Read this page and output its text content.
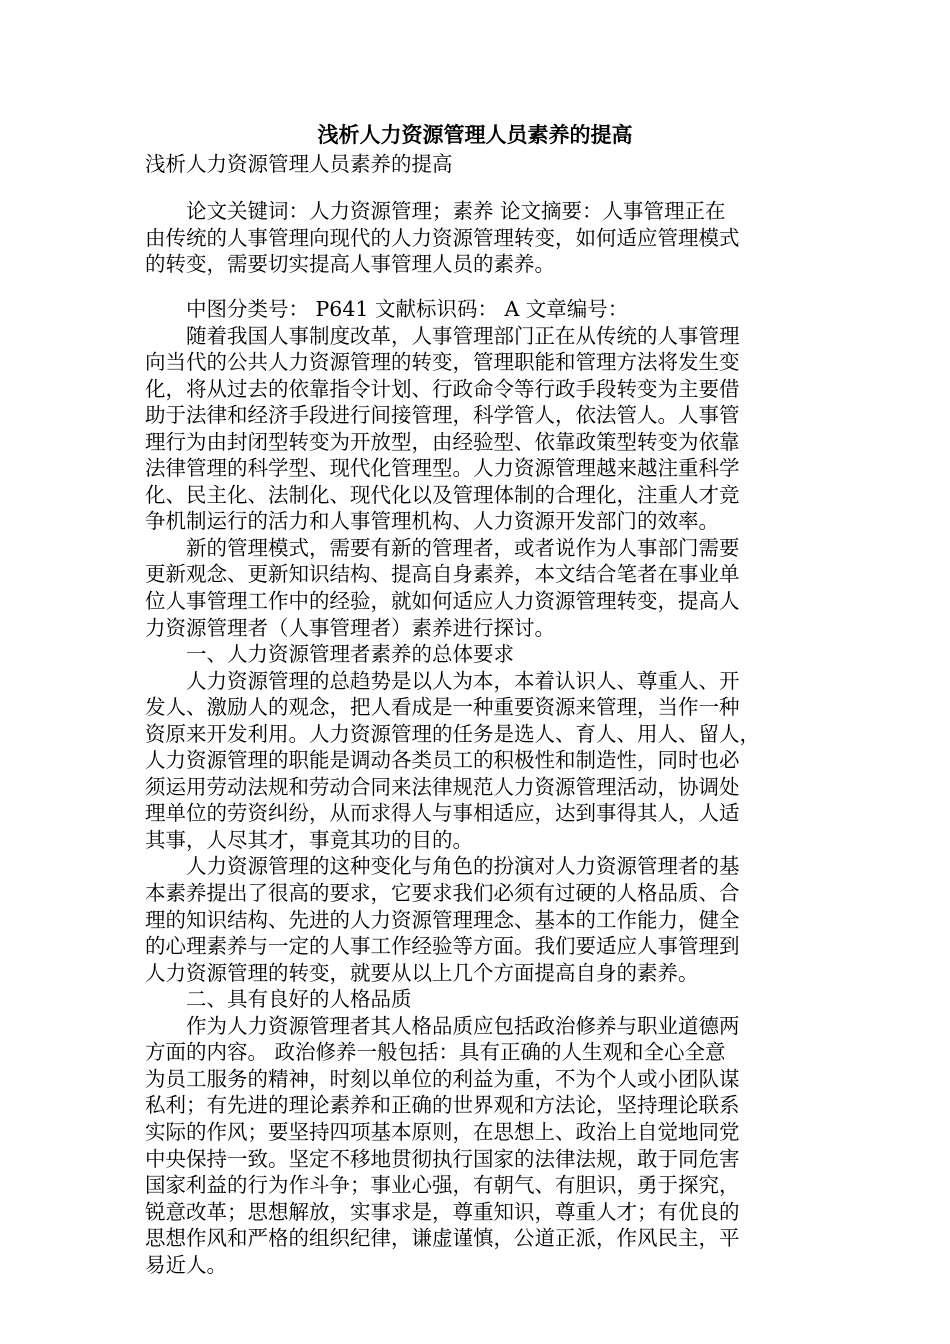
浅析人力资源管理人员素养的提高
浅析人力资源管理人员素养的提高
　　论文关键词：人力资源管理；素养 论文摘要：人事管理正在
由传统的人事管理向现代的人力资源管理转变，如何适应管理模式
的转变，需要切实提高人事管理人员的素养。
　　中图分类号： P641 文献标识码： A 文章编号：
　　随着我国人事制度改革，人事管理部门正在从传统的人事管理
向当代的公共人力资源管理的转变，管理职能和管理方法将发生变
化，将从过去的依靠指令计划、行政命令等行政手段转变为主要借
助于法律和经济手段进行间接管理，科学管人，依法管人。人事管
理行为由封闭型转变为开放型，由经验型、依靠政策型转变为依靠
法律管理的科学型、现代化管理型。人力资源管理越来越注重科学
化、民主化、法制化、现代化以及管理体制的合理化，注重人才竞
争机制运行的活力和人事管理机构、人力资源开发部门的效率。
　　新的管理模式，需要有新的管理者，或者说作为人事部门需要
更新观念、更新知识结构、提高自身素养，本文结合笔者在事业单
位人事管理工作中的经验，就如何适应人力资源管理转变，提高人
力资源管理者（人事管理者）素养进行探讨。
　　一、人力资源管理者素养的总体要求
　　人力资源管理的总趋势是以人为本，本着认识人、尊重人、开
发人、激励人的观念，把人看成是一种重要资源来管理，当作一种
资原来开发利用。人力资源管理的任务是选人、育人、用人、留人，
人力资源管理的职能是调动各类员工的积极性和制造性，同时也必
须运用劳动法规和劳动合同来法律规范人力资源管理活动，协调处
理单位的劳资纠纷，从而求得人与事相适应，达到事得其人，人适
其事，人尽其才，事竟其功的目的。
　　人力资源管理的这种变化与角色的扮演对人力资源管理者的基
本素养提出了很高的要求，它要求我们必须有过硬的人格品质、合
理的知识结构、先进的人力资源管理理念、基本的工作能力，健全
的心理素养与一定的人事工作经验等方面。我们要适应人事管理到
人力资源管理的转变，就要从以上几个方面提高自身的素养。
　　二、具有良好的人格品质
　　作为人力资源管理者其人格品质应包括政治修养与职业道德两
方面的内容。 政治修养一般包括：具有正确的人生观和全心全意
为员工服务的精神，时刻以单位的利益为重，不为个人或小团队谋
私利；有先进的理论素养和正确的世界观和方法论，坚持理论联系
实际的作风；要坚持四项基本原则，在思想上、政治上自觉地同党
中央保持一致。坚定不移地贯彻执行国家的法律法规，敢于同危害
国家利益的行为作斗争；事业心强，有朝气、有胆识，勇于探究，
锐意改革；思想解放，实事求是，尊重知识，尊重人才；有优良的
思想作风和严格的组织纪律，谦虚谨慎，公道正派，作风民主，平
易近人。
